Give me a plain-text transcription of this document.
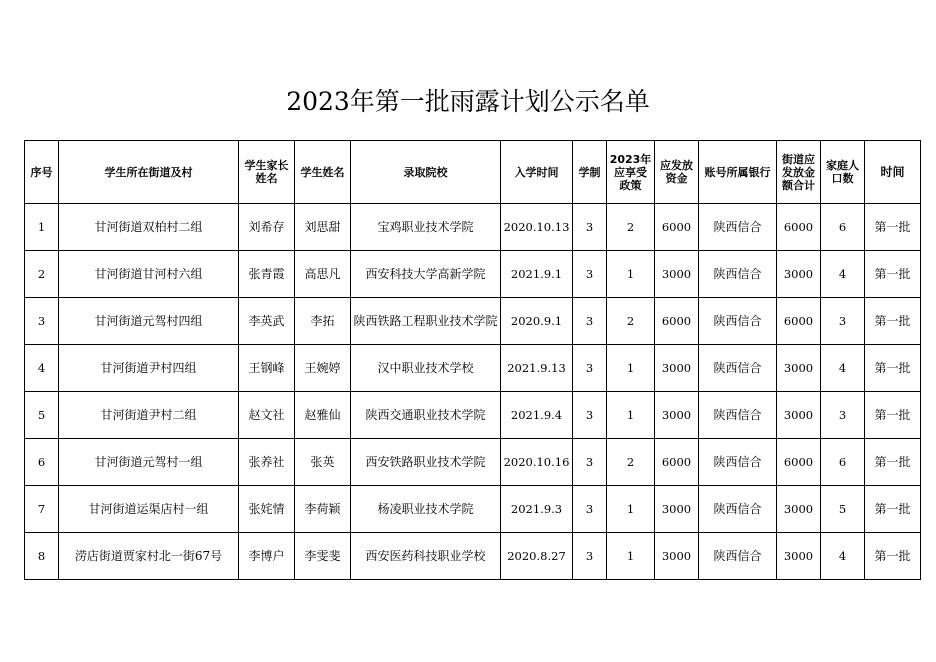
2023年第一批雨露计划公示名单
序号	学生所在街道及村	学生家长姓名	学生姓名	录取院校	入学时间	学制	2023年应享受政策	应发放资金	账号所属银行	街道应发放金额合计	家庭人口数	时间
1	甘河街道双柏村二组	刘希存	刘思甜	宝鸡职业技术学院	2020.10.13	3	2	6000	陕西信合	6000	6	第一批
2	甘河街道甘河村六组	张青霞	高思凡	西安科技大学高新学院	2021.9.1	3	1	3000	陕西信合	3000	4	第一批
3	甘河街道元驾村四组	李英武	李拓	陕西铁路工程职业技术学院	2020.9.1	3	2	6000	陕西信合	6000	3	第一批
4	甘河街道尹村四组	王钢峰	王婉婷	汉中职业技术学校	2021.9.13	3	1	3000	陕西信合	3000	4	第一批
5	甘河街道尹村二组	赵文社	赵雅仙	陕西交通职业技术学院	2021.9.4	3	1	3000	陕西信合	3000	3	第一批
6	甘河街道元驾村一组	张养社	张英	西安铁路职业技术学院	2020.10.16	3	2	6000	陕西信合	6000	6	第一批
7	甘河街道运渠店村一组	张姹情	李荷颖	杨凌职业技术学院	2021.9.3	3	1	3000	陕西信合	3000	5	第一批
8	涝店街道贾家村北一街67号	李博户	李雯斐	西安医药科技职业学校	2020.8.27	3	1	3000	陕西信合	3000	4	第一批
